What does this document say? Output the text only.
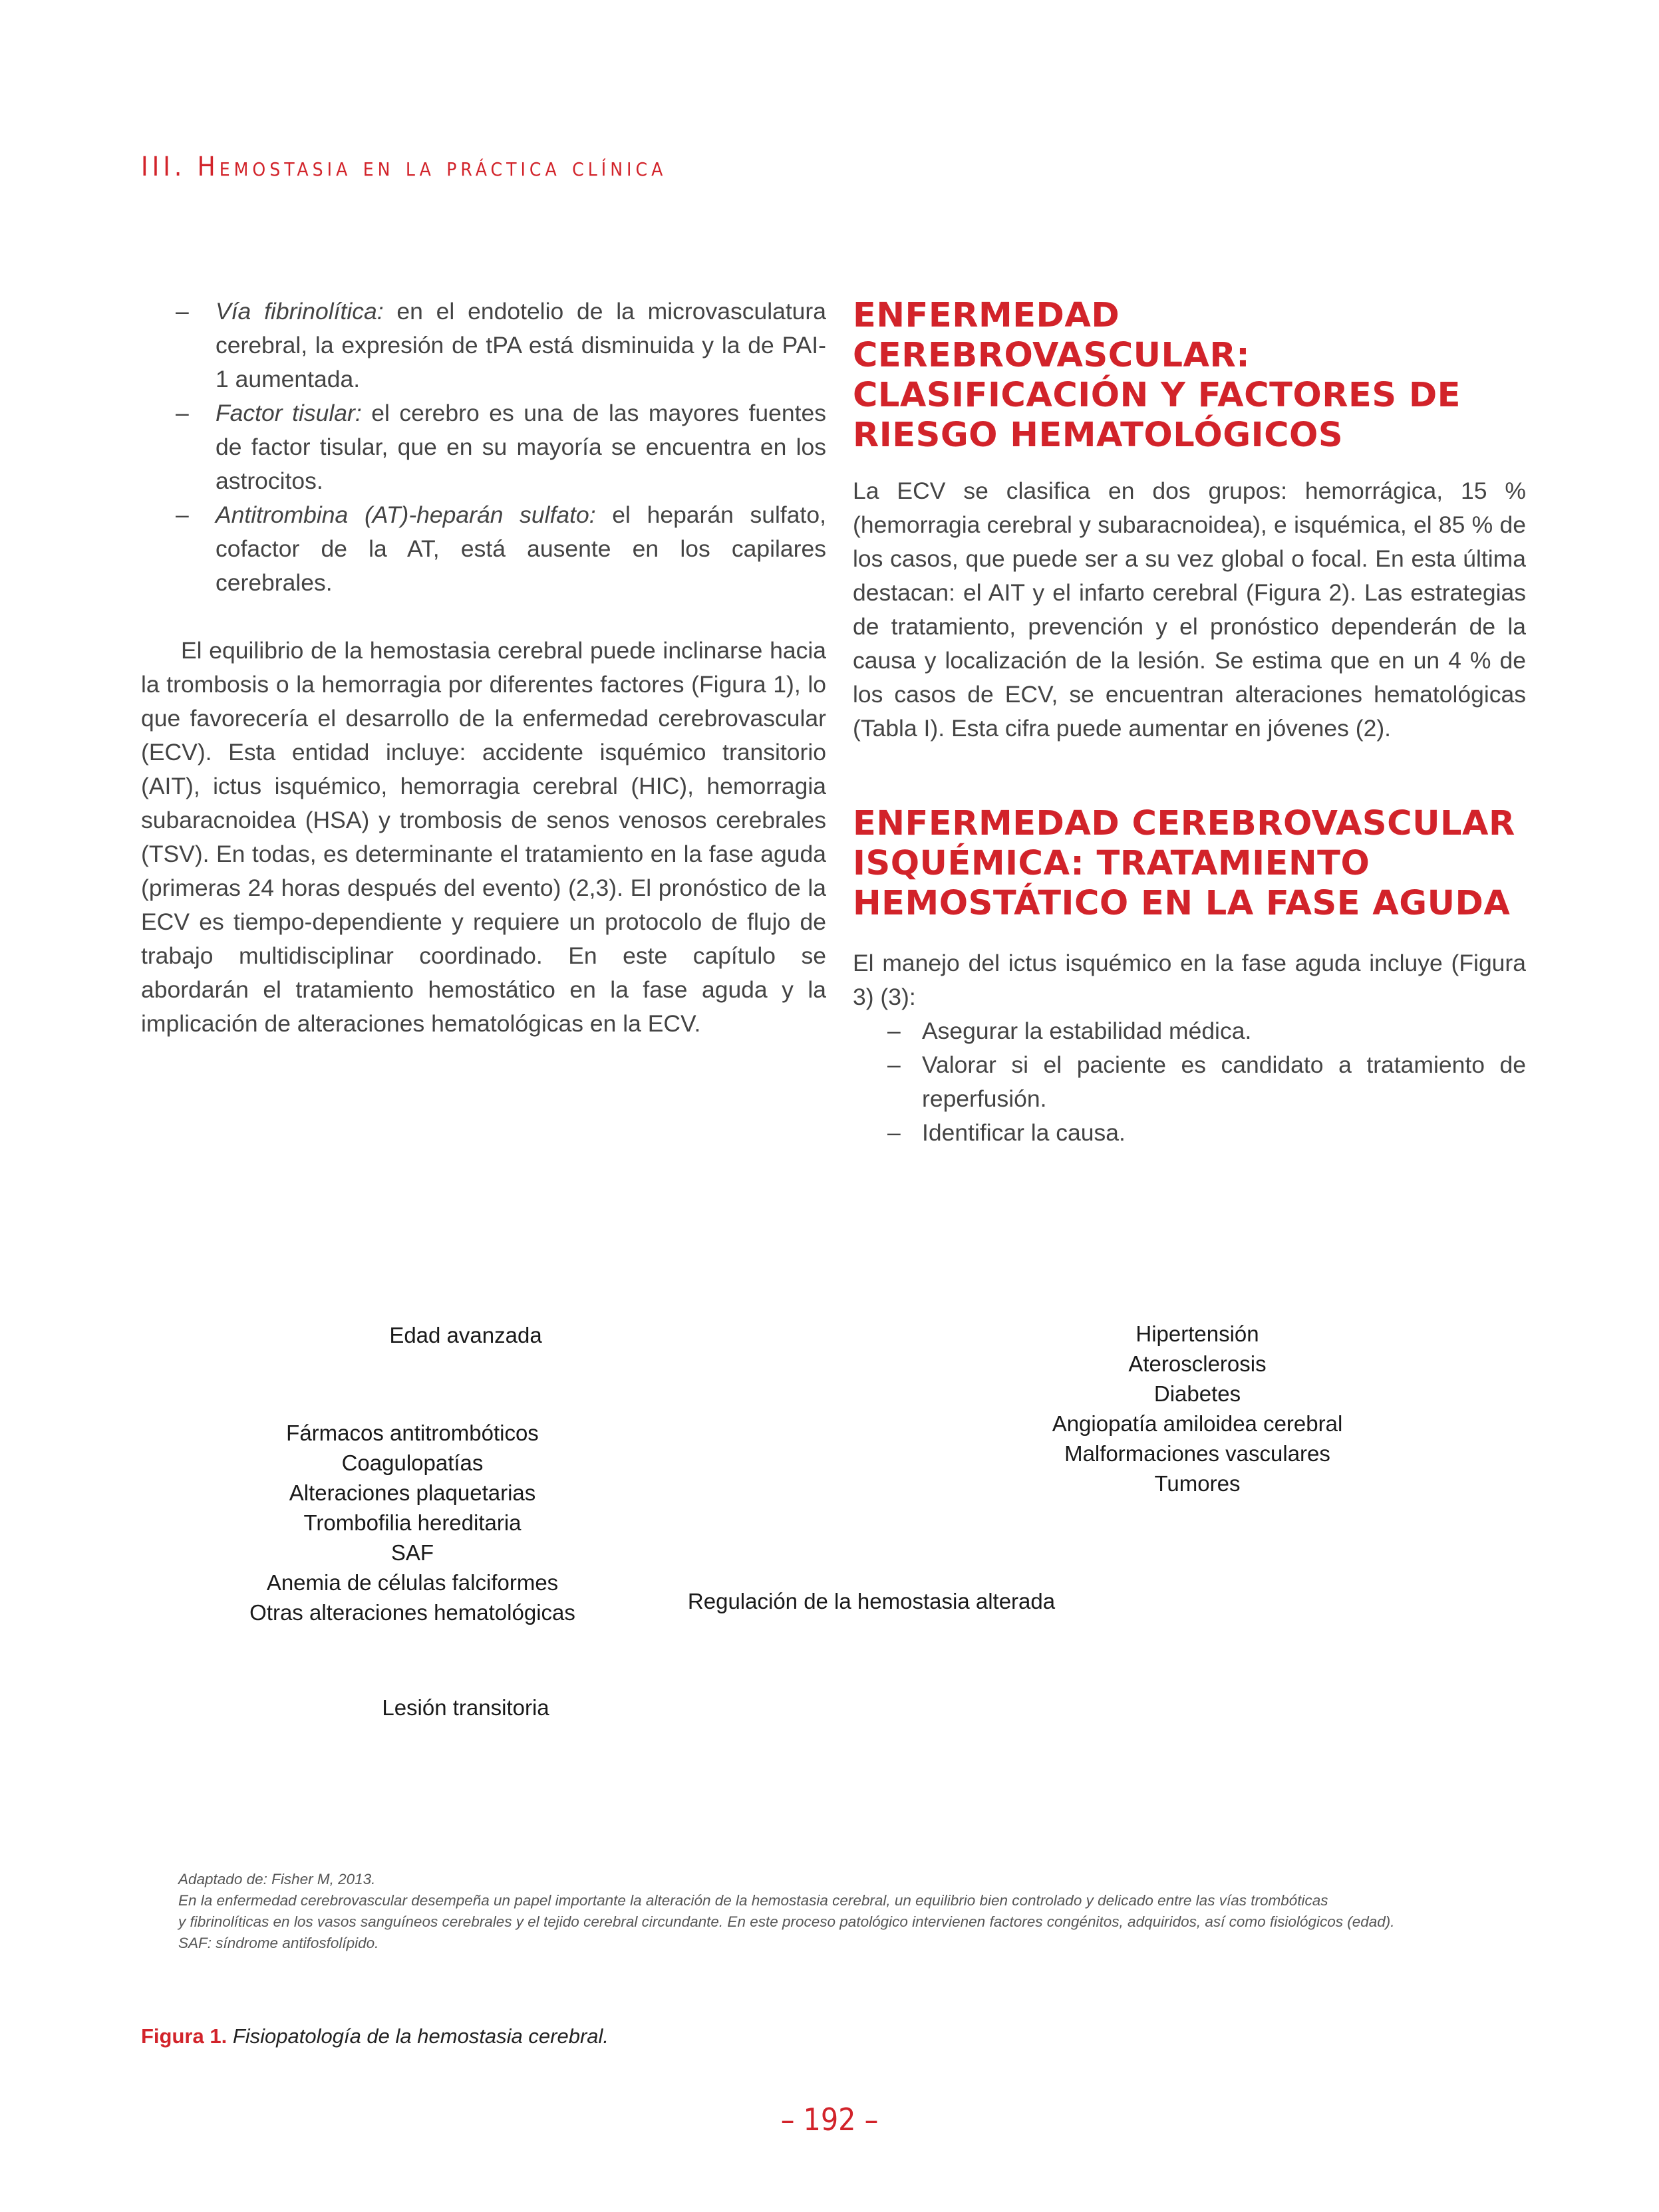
III. Hemostasia en la práctica clínica
– Vía fibrinolítica: en el endotelio de la microvasculatura cerebral, la expresión de tPA está disminuida y la de PAI-1 aumentada.
– Factor tisular: el cerebro es una de las mayores fuentes de factor tisular, que en su mayoría se encuentra en los astrocitos.
– Antitrombina (AT)-heparán sulfato: el heparán sulfato, cofactor de la AT, está ausente en los capilares cerebrales.

El equilibrio de la hemostasia cerebral puede inclinarse hacia la trombosis o la hemorragia por diferentes factores (Figura 1), lo que favorecería el desarrollo de la enfermedad cerebrovascular (ECV). Esta entidad incluye: accidente isquémico transitorio (AIT), ictus isquémico, hemorragia cerebral (HIC), hemorragia subaracnoidea (HSA) y trombosis de senos venosos cerebrales (TSV). En todas, es determinante el tratamiento en la fase aguda (primeras 24 horas después del evento) (2,3). El pronóstico de la ECV es tiempo-dependiente y requiere un protocolo de flujo de trabajo multidisciplinar coordinado. En este capítulo se abordarán el tratamiento hemostático en la fase aguda y la implicación de alteraciones hematológicas en la ECV.

ENFERMEDAD CEREBROVASCULAR: CLASIFICACIÓN Y FACTORES DE RIESGO HEMATOLÓGICOS

La ECV se clasifica en dos grupos: hemorrágica, 15 % (hemorragia cerebral y subaracnoidea), e isquémica, el 85 % de los casos, que puede ser a su vez global o focal. En esta última destacan: el AIT y el infarto cerebral (Figura 2). Las estrategias de tratamiento, prevención y el pronóstico dependerán de la causa y localización de la lesión. Se estima que en un 4 % de los casos de ECV, se encuentran alteraciones hematológicas (Tabla I). Esta cifra puede aumentar en jóvenes (2).

ENFERMEDAD CEREBROVASCULAR ISQUÉMICA: TRATAMIENTO HEMOSTÁTICO EN LA FASE AGUDA

El manejo del ictus isquémico en la fase aguda incluye (Figura 3) (3):

– Asegurar la estabilidad médica.
– Valorar si el paciente es candidato a tratamiento de reperfusión.
– Identificar la causa.
Edad avanzada
Fármacos antitrombóticos
Coagulopatías
Alteraciones plaquetarias
Trombofilia hereditaria
SAF
Anemia de células falciformes
Otras alteraciones hematológicas
Lesión transitoria
Hipertensión
Aterosclerosis
Diabetes
Angiopatía amiloidea cerebral
Malformaciones vasculares
Tumores
Regulación de la hemostasia alterada
Adaptado de: Fisher M, 2013.
En la enfermedad cerebrovascular desempeña un papel importante la alteración de la hemostasia cerebral, un equilibrio bien controlado y delicado entre las vías trombóticas
y fibrinolíticas en los vasos sanguíneos cerebrales y el tejido cerebral circundante. En este proceso patológico intervienen factores congénitos, adquiridos, así como fisiológicos (edad).
SAF: síndrome antifosfolípido.
Figura 1. Fisiopatología de la hemostasia cerebral.
– 192 –
